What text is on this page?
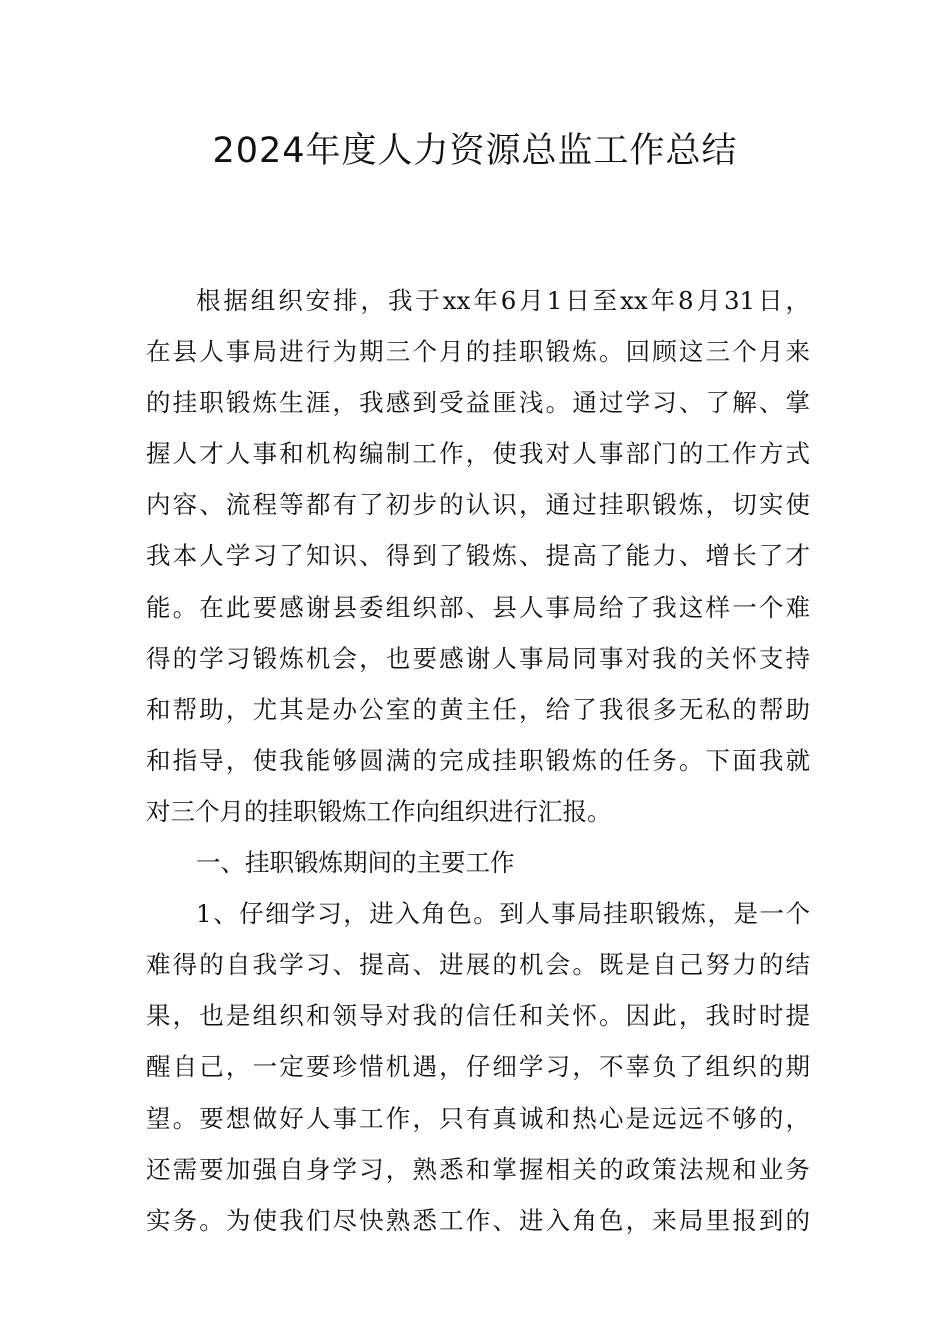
2024年度人力资源总监工作总结
根据组织安排，我于xx年6月1日至xx年8月31日，
在县人事局进行为期三个月的挂职锻炼。回顾这三个月来
的挂职锻炼生涯，我感到受益匪浅。通过学习、了解、掌
握人才人事和机构编制工作，使我对人事部门的工作方式
内容、流程等都有了初步的认识，通过挂职锻炼，切实使
我本人学习了知识、得到了锻炼、提高了能力、增长了才
能。在此要感谢县委组织部、县人事局给了我这样一个难
得的学习锻炼机会，也要感谢人事局同事对我的关怀支持
和帮助，尤其是办公室的黄主任，给了我很多无私的帮助
和指导，使我能够圆满的完成挂职锻炼的任务。下面我就
对三个月的挂职锻炼工作向组织进行汇报。
一、挂职锻炼期间的主要工作
1、仔细学习，进入角色。到人事局挂职锻炼，是一个
难得的自我学习、提高、进展的机会。既是自己努力的结
果，也是组织和领导对我的信任和关怀。因此，我时时提
醒自己，一定要珍惜机遇，仔细学习，不辜负了组织的期
望。要想做好人事工作，只有真诚和热心是远远不够的，
还需要加强自身学习，熟悉和掌握相关的政策法规和业务
实务。为使我们尽快熟悉工作、进入角色，来局里报到的
